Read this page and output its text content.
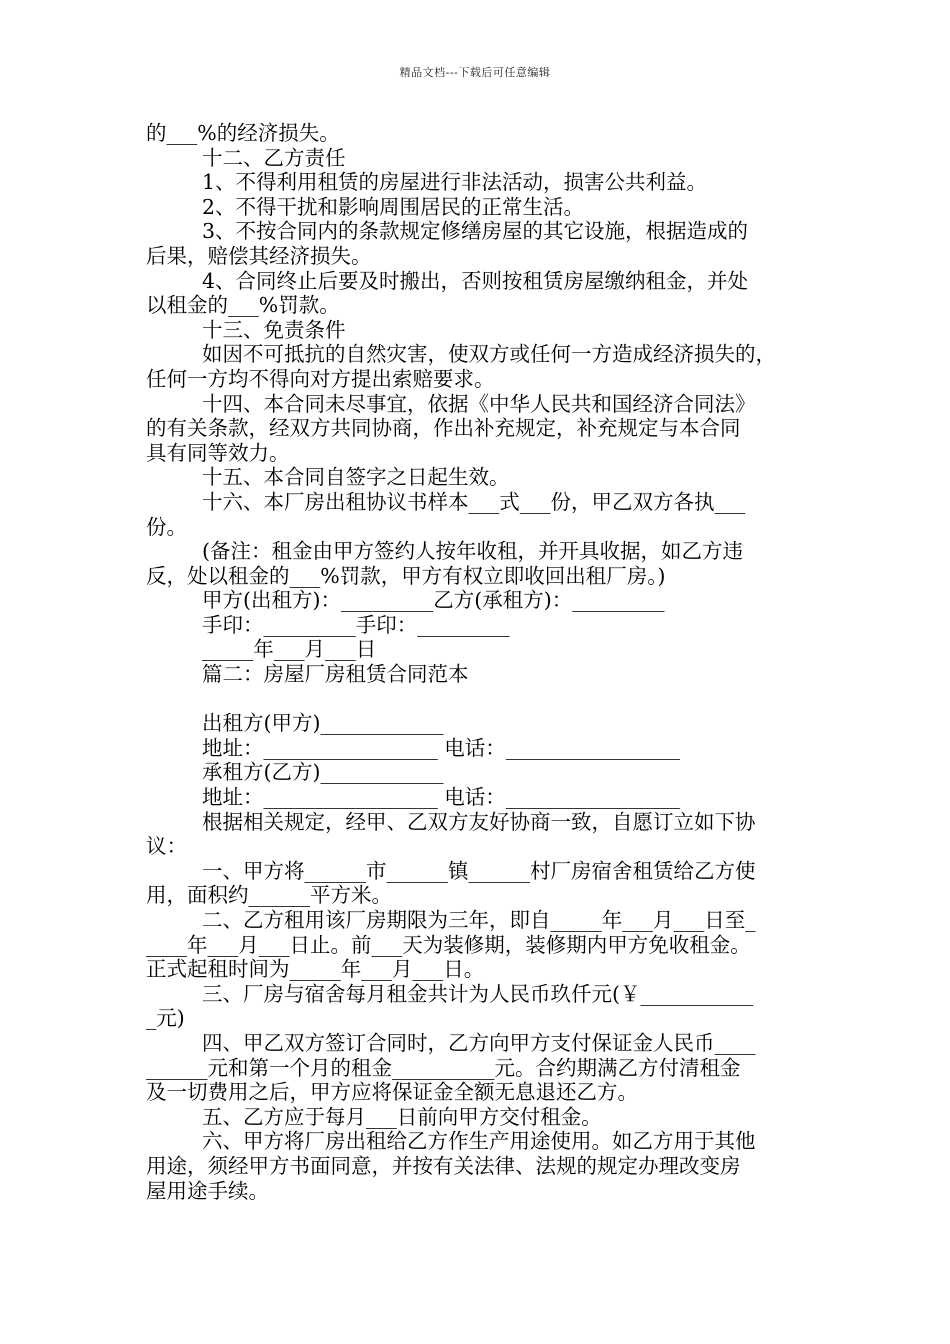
精品文档---下载后可任意编辑
的___%的经济损失。
十二、乙方责任
1、不得利用租赁的房屋进行非法活动，损害公共利益。
2、不得干扰和影响周围居民的正常生活。
3、不按合同内的条款规定修缮房屋的其它设施，根据造成的
后果，赔偿其经济损失。
4、合同终止后要及时搬出，否则按租赁房屋缴纳租金，并处
以租金的___%罚款。
十三、免责条件
如因不可抵抗的自然灾害，使双方或任何一方造成经济损失的，
任何一方均不得向对方提出索赔要求。
十四、本合同未尽事宜，依据《中华人民共和国经济合同法》
的有关条款，经双方共同协商，作出补充规定，补充规定与本合同
具有同等效力。
十五、本合同自签字之日起生效。
十六、本厂房出租协议书样本___式___份，甲乙双方各执___
份。
(备注：租金由甲方签约人按年收租，并开具收据，如乙方违
反，处以租金的___%罚款，甲方有权立即收回出租厂房。)
甲方(出租方)：_________乙方(承租方)：_________
手印：_________手印：_________
_____年___月___日
篇二：房屋厂房租赁合同范本
出租方(甲方)____________
地址：_________________ 电话：_________________
承租方(乙方)____________
地址：_________________ 电话：_________________
根据相关规定，经甲、乙双方友好协商一致，自愿订立如下协
议：
一、甲方将______市______镇______村厂房宿舍租赁给乙方使
用，面积约______平方米。
二、乙方租用该厂房期限为三年，即自_____年___月___日至_
____年___月___日止。前___天为装修期，装修期内甲方免收租金。
正式起租时间为_____年___月___日。
三、厂房与宿舍每月租金共计为人民币玖仟元(￥___________
_元)
四、甲乙双方签订合同时，乙方向甲方支付保证金人民币____
______元和第一个月的租金__________元。合约期满乙方付清租金
及一切费用之后，甲方应将保证金全额无息退还乙方。
五、乙方应于每月___日前向甲方交付租金。
六、甲方将厂房出租给乙方作生产用途使用。如乙方用于其他
用途，须经甲方书面同意，并按有关法律、法规的规定办理改变房
屋用途手续。
